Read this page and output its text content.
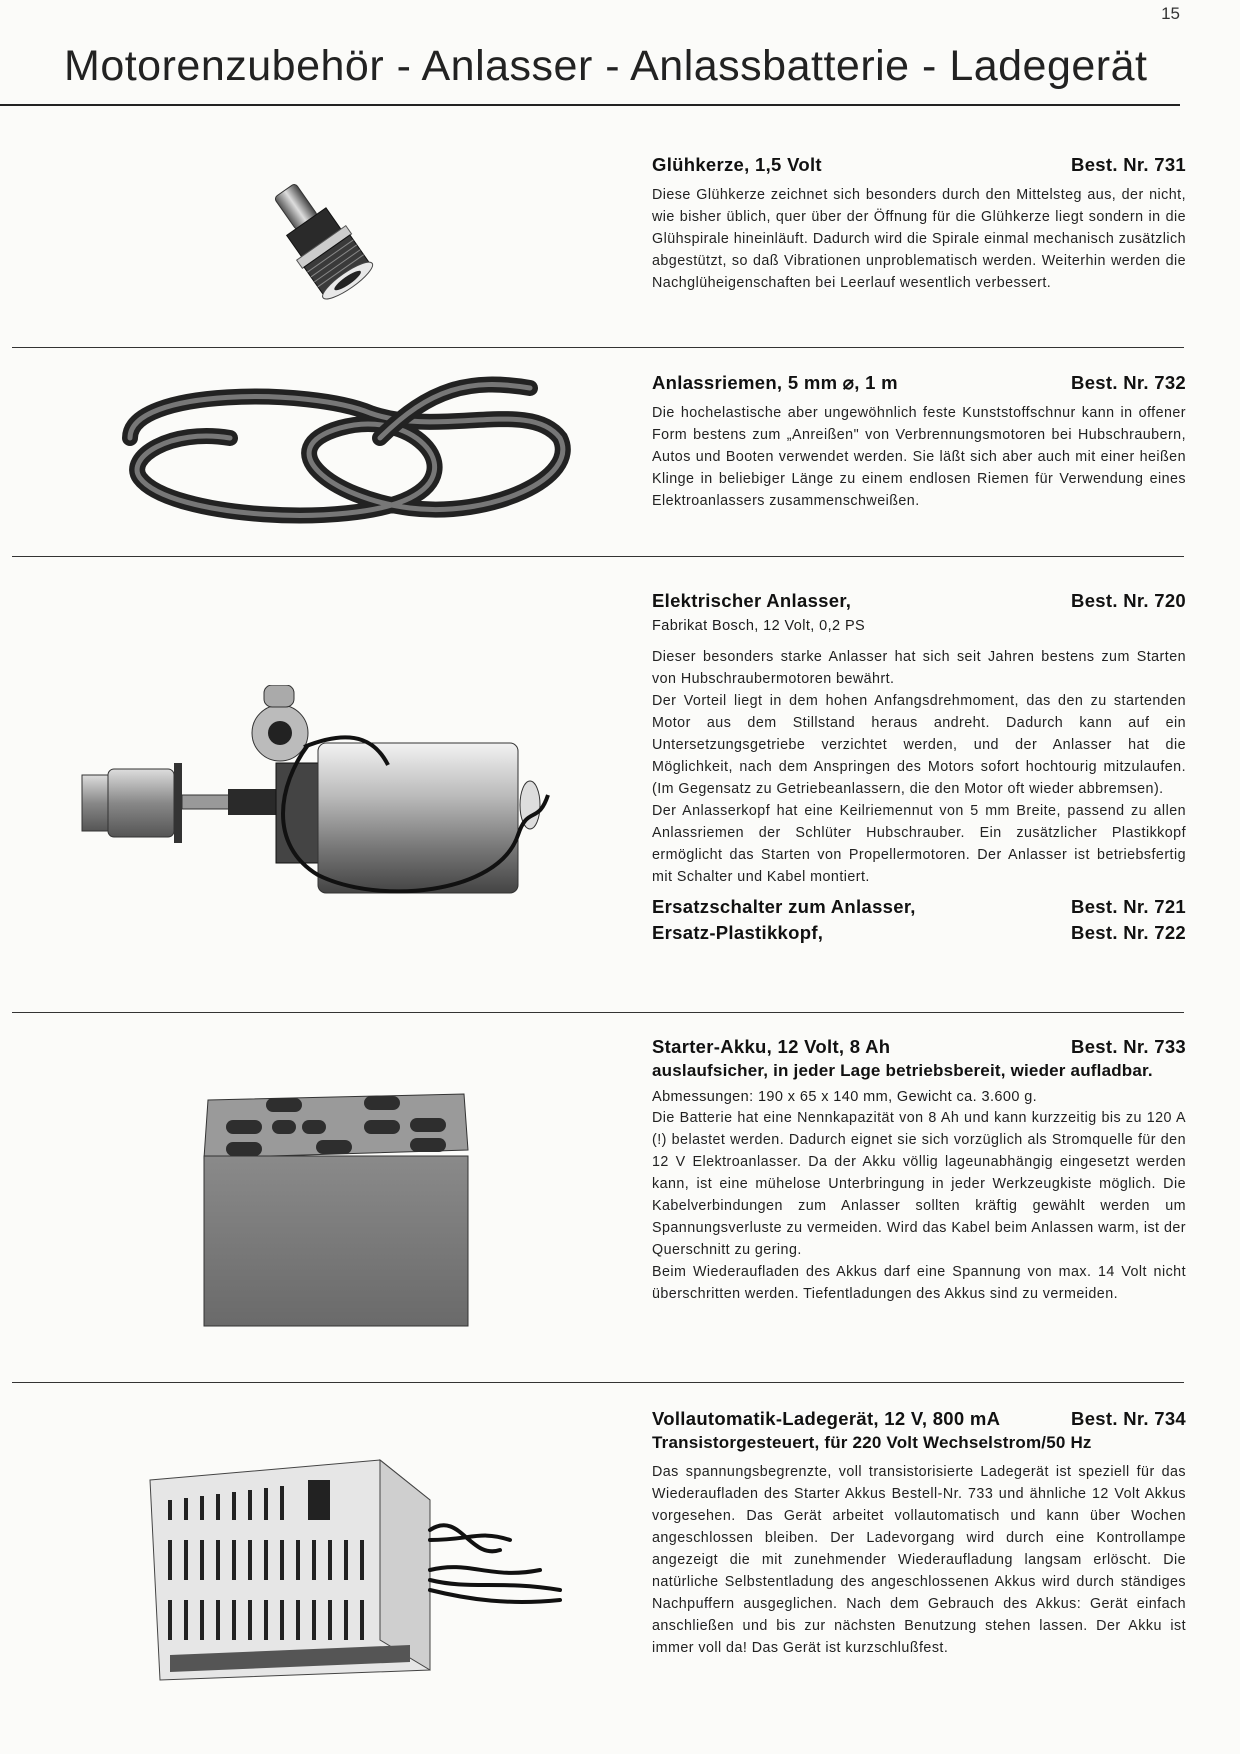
15
Motorenzubehör - Anlasser - Anlassbatterie - Ladegerät
Glühkerze, 1,5 Volt	Best. Nr. 731
Diese Glühkerze zeichnet sich besonders durch den Mittelsteg aus, der nicht, wie bisher üblich, quer über der Öffnung für die Glühkerze liegt sondern in die Glühspirale hineinläuft. Dadurch wird die Spirale einmal mechanisch zusätzlich abgestützt, so daß Vibrationen unproblematisch werden. Weiterhin werden die Nachglüheigenschaften bei Leerlauf wesentlich verbessert.
Anlassriemen, 5 mm ⌀, 1 m	Best. Nr. 732
Die hochelastische aber ungewöhnlich feste Kunststoffschnur kann in offener Form bestens zum „Anreißen" von Verbrennungsmotoren bei Hubschraubern, Autos und Booten verwendet werden. Sie läßt sich aber auch mit einer heißen Klinge in beliebiger Länge zu einem endlosen Riemen für Verwendung eines Elektroanlassers zusammenschweißen.
Elektrischer Anlasser,	Best. Nr. 720
Fabrikat Bosch, 12 Volt, 0,2 PS

Dieser besonders starke Anlasser hat sich seit Jahren bestens zum Starten von Hubschraubermotoren bewährt.

Der Vorteil liegt in dem hohen Anfangsdrehmoment, das den zu startenden Motor aus dem Stillstand heraus andreht. Dadurch kann auf ein Untersetzungsgetriebe verzichtet werden, und der Anlasser hat die Möglichkeit, nach dem Anspringen des Motors sofort hochtourig mitzulaufen. (Im Gegensatz zu Getriebeanlassern, die den Motor oft wieder abbremsen).

Der Anlasserkopf hat eine Keilriemennut von 5 mm Breite, passend zu allen Anlassriemen der Schlüter Hubschrauber. Ein zusätzlicher Plastikkopf ermöglicht das Starten von Propellermotoren. Der Anlasser ist betriebsfertig mit Schalter und Kabel montiert.

Ersatzschalter zum Anlasser,	Best. Nr. 721
Ersatz-Plastikkopf,	Best. Nr. 722
Starter-Akku, 12 Volt, 8 Ah	Best. Nr. 733
auslaufsicher, in jeder Lage betriebsbereit, wieder aufladbar.
Abmessungen: 190 x 65 x 140 mm, Gewicht ca. 3.600 g.

Die Batterie hat eine Nennkapazität von 8 Ah und kann kurzzeitig bis zu 120 A (!) belastet werden. Dadurch eignet sie sich vorzüglich als Stromquelle für den 12 V Elektroanlasser. Da der Akku völlig lageunabhängig eingesetzt werden kann, ist eine mühelose Unterbringung in jeder Werkzeugkiste möglich. Die Kabelverbindungen zum Anlasser sollten kräftig gewählt werden um Spannungsverluste zu vermeiden. Wird das Kabel beim Anlassen warm, ist der Querschnitt zu gering.

Beim Wiederaufladen des Akkus darf eine Spannung von max. 14 Volt nicht überschritten werden. Tiefentladungen des Akkus sind zu vermeiden.

Vollautomatik-Ladegerät, 12 V, 800 mA	Best. Nr. 734
Transistorgesteuert, für 220 Volt Wechselstrom/50 Hz
Das spannungsbegrenzte, voll transistorisierte Ladegerät ist speziell für das Wiederaufladen des Starter Akkus Bestell-Nr. 733 und ähnliche 12 Volt Akkus vorgesehen. Das Gerät arbeitet vollautomatisch und kann über Wochen angeschlossen bleiben. Der Ladevorgang wird durch eine Kontrollampe angezeigt die mit zunehmender Wiederaufladung langsam erlöscht. Die natürliche Selbstentladung des angeschlossenen Akkus wird durch ständiges Nachpuffern ausgeglichen. Nach dem Gebrauch des Akkus: Gerät einfach anschließen und bis zur nächsten Benutzung stehen lassen. Der Akku ist immer voll da! Das Gerät ist kurzschlußfest.
